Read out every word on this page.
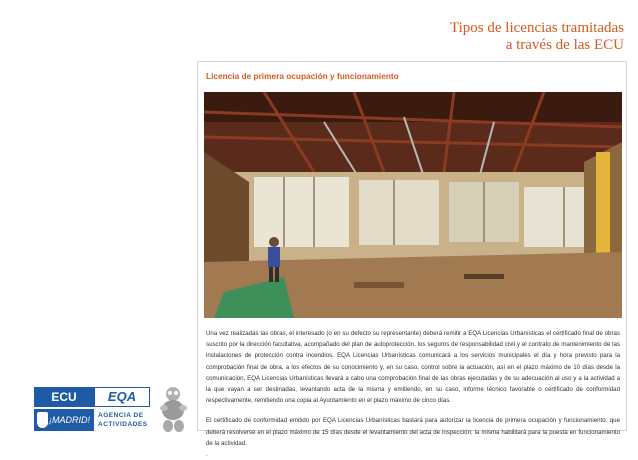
Tipos de licencias tramitadas
a través de las ECU
Licencia de primera ocupación y funcionamiento

Una vez realizadas las obras, el interesado (o en su defecto su representante) deberá remitir a EQA Licencias Urbanísticas el certificado final de obras suscrito por la dirección facultativa, acompañado del plan de autoprotección, los seguros de responsabilidad civil y el contrato de mantenimiento de las instalaciones de protección contra incendios. EQA Licencias Urbanísticas comunicará a los servicios municipales el día y hora previsto para la comprobación final de obra, a los efectos de su conocimiento y, en su caso, control sobre la actuación, así en el plazo máximo de 10 días desde la comunicación, EQA Licencias Urbanísticas llevará a cabo una comprobación final de las obras ejecutadas y de su adecuación al uso y a la actividad a la que vayan a ser destinadas, levantando acta de la misma y emitiendo, en su caso, informe técnico favorable o certificado de conformidad respectivamente, remitiendo una copia al Ayuntamiento en el plazo máximo de cinco días.

El certificado de conformidad emitido por EQA Licencias Urbanísticas bastará para autorizar la licencia de primera ocupación y funcionamiento, que deberá resolverse en el plazo máximo de 15 días desde el levantamiento del acta de inspección; la misma habilitará para la puesta en funcionamiento de la actividad.

.
ECU	EQA
¡MADRID!	AGENCIA DE
ACTIVIDADES
